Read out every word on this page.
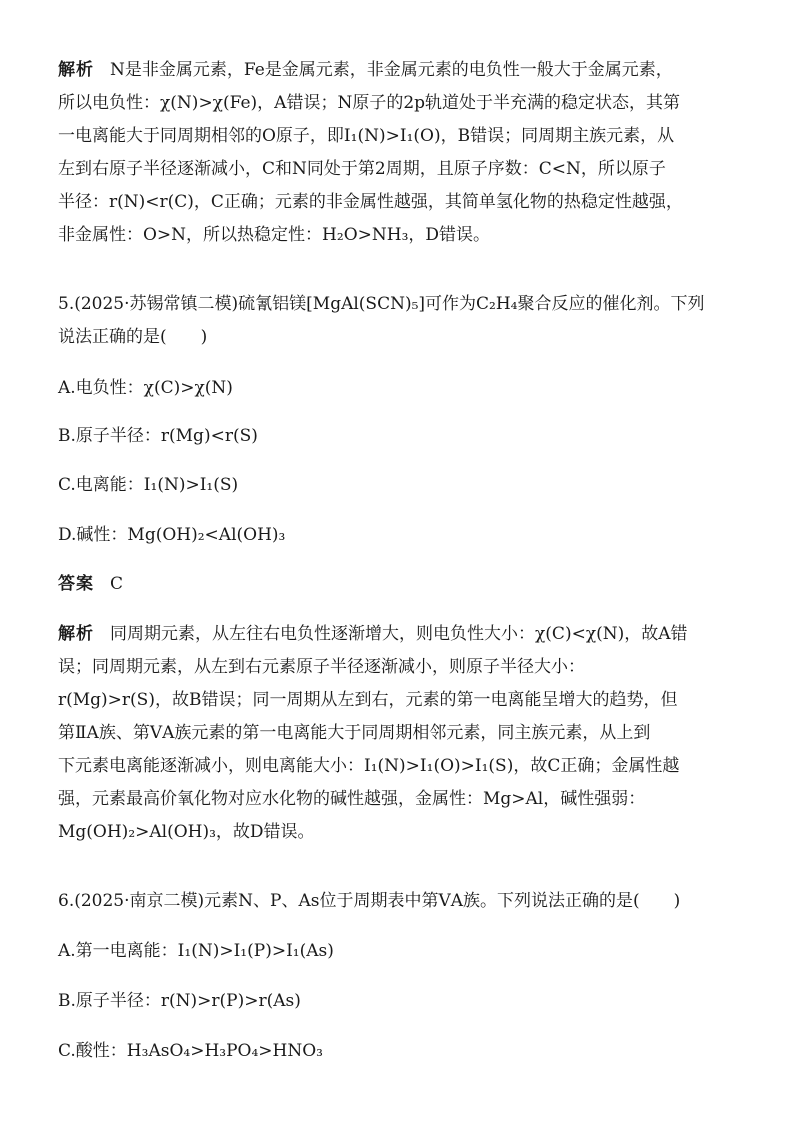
解析 N是非金属元素，Fe是金属元素，非金属元素的电负性一般大于金属元素，
所以电负性：χ(N)>χ(Fe)，A错误；N原子的2p轨道处于半充满的稳定状态，其第
一电离能大于同周期相邻的O原子，即I₁(N)>I₁(O)，B错误；同周期主族元素，从
左到右原子半径逐渐减小，C和N同处于第2周期，且原子序数：C<N，所以原子
半径：r(N)<r(C)，C正确；元素的非金属性越强，其简单氢化物的热稳定性越强，
非金属性：O>N，所以热稳定性：H₂O>NH₃，D错误。
5.(2025·苏锡常镇二模)硫氰铝镁[MgAl(SCN)₅]可作为C₂H₄聚合反应的催化剂。下列
说法正确的是(　　)
A.电负性：χ(C)>χ(N)
B.原子半径：r(Mg)<r(S)
C.电离能：I₁(N)>I₁(S)
D.碱性：Mg(OH)₂<Al(OH)₃
答案 C
解析 同周期元素，从左往右电负性逐渐增大，则电负性大小：χ(C)<χ(N)，故A错
误；同周期元素，从左到右元素原子半径逐渐减小，则原子半径大小：
r(Mg)>r(S)，故B错误；同一周期从左到右，元素的第一电离能呈增大的趋势，但
第ⅡA族、第ⅤA族元素的第一电离能大于同周期相邻元素，同主族元素，从上到
下元素电离能逐渐减小，则电离能大小：I₁(N)>I₁(O)>I₁(S)，故C正确；金属性越
强，元素最高价氧化物对应水化物的碱性越强，金属性：Mg>Al，碱性强弱：
Mg(OH)₂>Al(OH)₃，故D错误。
6.(2025·南京二模)元素N、P、As位于周期表中第ⅤA族。下列说法正确的是(　　)
A.第一电离能：I₁(N)>I₁(P)>I₁(As)
B.原子半径：r(N)>r(P)>r(As)
C.酸性：H₃AsO₄>H₃PO₄>HNO₃
